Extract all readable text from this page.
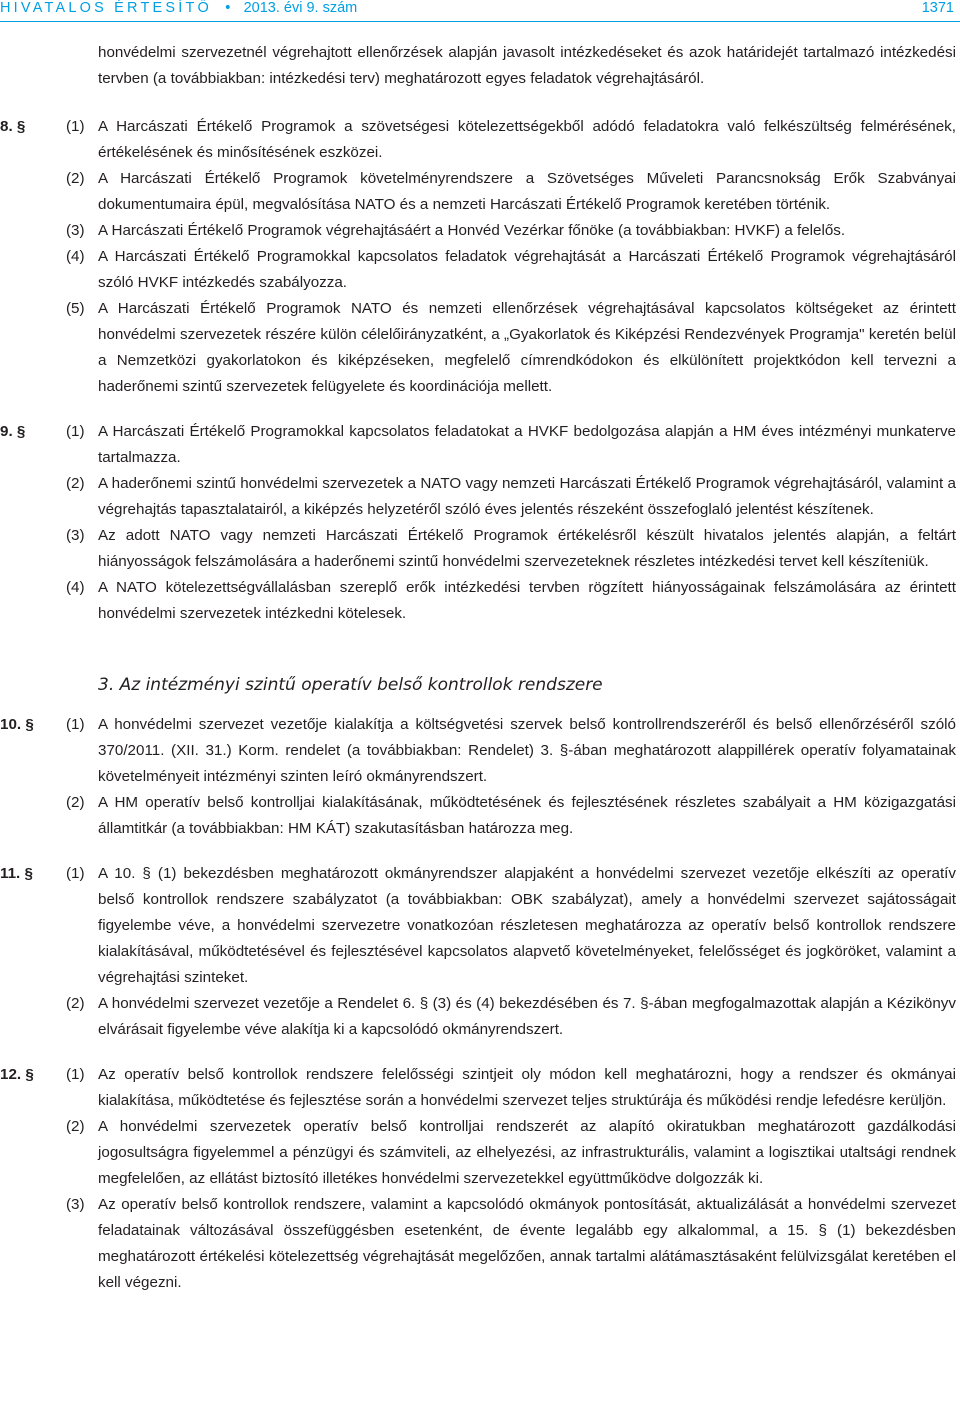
HIVATALOS ÉRTESÍTŐ • 2013. évi 9. szám	1371

honvédelmi szervezetnél végrehajtott ellenőrzések alapján javasolt intézkedéseket és azok határidejét tartalmazó intézkedési tervben (a továbbiakban: intézkedési terv) meghatározott egyes feladatok végrehajtásáról.

8. §	(1) A Harcászati Értékelő Programok a szövetségesi kötelezettségekből adódó feladatokra való felkészültség felmérésének, értékelésének és minősítésének eszközei.

(2) A Harcászati Értékelő Programok követelményrendszere a Szövetséges Műveleti Parancsnokság Erők Szabványai dokumentumaira épül, megvalósítása NATO és a nemzeti Harcászati Értékelő Programok keretében történik.

(3) A Harcászati Értékelő Programok végrehajtásáért a Honvéd Vezérkar főnöke (a továbbiakban: HVKF) a felelős.

(4) A Harcászati Értékelő Programokkal kapcsolatos feladatok végrehajtását a Harcászati Értékelő Programok végrehajtásáról szóló HVKF intézkedés szabályozza.

(5) A Harcászati Értékelő Programok NATO és nemzeti ellenőrzések végrehajtásával kapcsolatos költségeket az érintett honvédelmi szervezetek részére külön célelőirányzatként, a „Gyakorlatok és Kiképzési Rendezvények Programja" keretén belül a Nemzetközi gyakorlatokon és kiképzéseken, megfelelő címrendkódokon és elkülönített projektkódon kell tervezni a haderőnemi szintű szervezetek felügyelete és koordinációja mellett.

9. §	(1) A Harcászati Értékelő Programokkal kapcsolatos feladatokat a HVKF bedolgozása alapján a HM éves intézményi munkaterve tartalmazza.

(2) A haderőnemi szintű honvédelmi szervezetek a NATO vagy nemzeti Harcászati Értékelő Programok végrehajtásáról, valamint a végrehajtás tapasztalatairól, a kiképzés helyzetéről szóló éves jelentés részeként összefoglaló jelentést készítenek.

(3) Az adott NATO vagy nemzeti Harcászati Értékelő Programok értékelésről készült hivatalos jelentés alapján, a feltárt hiányosságok felszámolására a haderőnemi szintű honvédelmi szervezeteknek részletes intézkedési tervet kell készíteniük.

(4) A NATO kötelezettségvállalásban szereplő erők intézkedési tervben rögzített hiányosságainak felszámolására az érintett honvédelmi szervezetek intézkedni kötelesek.

3. Az intézményi szintű operatív belső kontrollok rendszere

10. §	(1) A honvédelmi szervezet vezetője kialakítja a költségvetési szervek belső kontrollrendszeréről és belső ellenőrzéséről szóló 370/2011. (XII. 31.) Korm. rendelet (a továbbiakban: Rendelet) 3. §-ában meghatározott alappillérek operatív folyamatainak követelményeit intézményi szinten leíró okmányrendszert.

(2) A HM operatív belső kontrolljai kialakításának, működtetésének és fejlesztésének részletes szabályait a HM közigazgatási államtitkár (a továbbiakban: HM KÁT) szakutasításban határozza meg.

11. §	(1) A 10. § (1) bekezdésben meghatározott okmányrendszer alapjaként a honvédelmi szervezet vezetője elkészíti az operatív belső kontrollok rendszere szabályzatot (a továbbiakban: OBK szabályzat), amely a honvédelmi szervezet sajátosságait figyelembe véve, a honvédelmi szervezetre vonatkozóan részletesen meghatározza az operatív belső kontrollok rendszere kialakításával, működtetésével és fejlesztésével kapcsolatos alapvető követelményeket, felelősséget és jogköröket, valamint a végrehajtási szinteket.

(2) A honvédelmi szervezet vezetője a Rendelet 6. § (3) és (4) bekezdésében és 7. §-ában megfogalmazottak alapján a Kézikönyv elvárásait figyelembe véve alakítja ki a kapcsolódó okmányrendszert.

12. §	(1) Az operatív belső kontrollok rendszere felelősségi szintjeit oly módon kell meghatározni, hogy a rendszer és okmányai kialakítása, működtetése és fejlesztése során a honvédelmi szervezet teljes struktúrája és működési rendje lefedésre kerüljön.

(2) A honvédelmi szervezetek operatív belső kontrolljai rendszerét az alapító okiratukban meghatározott gazdálkodási jogosultságra figyelemmel a pénzügyi és számviteli, az elhelyezési, az infrastrukturális, valamint a logisztikai utaltsági rendnek megfelelően, az ellátást biztosító illetékes honvédelmi szervezetekkel együttműködve dolgozzák ki.

(3) Az operatív belső kontrollok rendszere, valamint a kapcsolódó okmányok pontosítását, aktualizálását a honvédelmi szervezet feladatainak változásával összefüggésben esetenként, de évente legalább egy alkalommal, a 15. § (1) bekezdésben meghatározott értékelési kötelezettség végrehajtását megelőzően, annak tartalmi alátámasztásaként felülvizsgálat keretében el kell végezni.
